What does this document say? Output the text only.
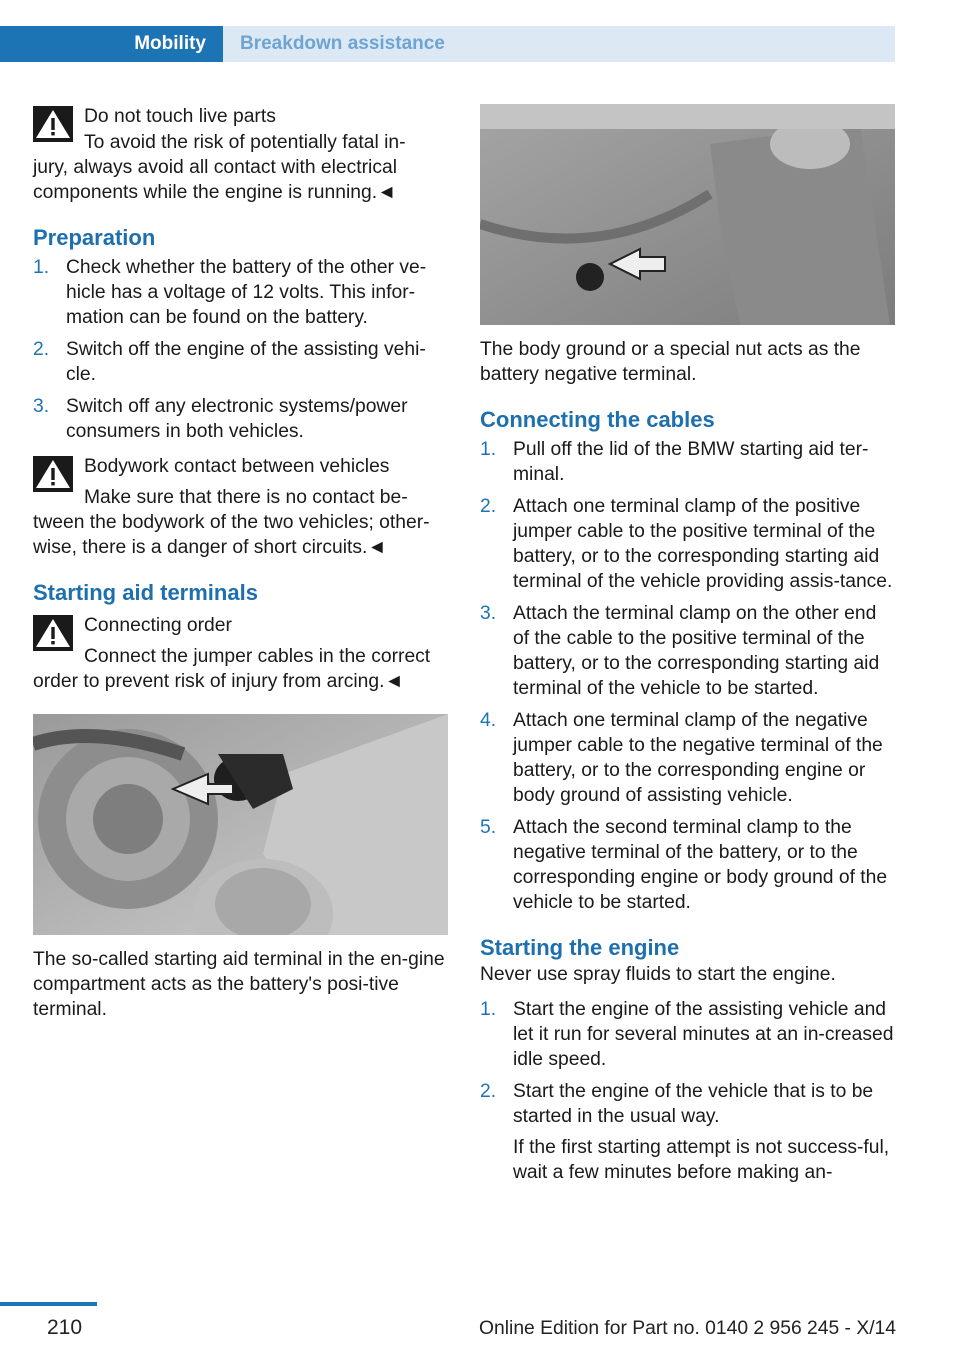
Mobility	Breakdown assistance

Do not touch live parts

To avoid the risk of potentially fatal in-

jury, always avoid all contact with electrical components while the engine is running.◄

Preparation

1. Check whether the battery of the other ve-hicle has a voltage of 12 volts. This infor-mation can be found on the battery.
2. Switch off the engine of the assisting vehi-cle.
3. Switch off any electronic systems/power consumers in both vehicles.

Bodywork contact between vehicles

Make sure that there is no contact be-

tween the bodywork of the two vehicles; other-wise, there is a danger of short circuits.◄

Starting aid terminals

Connecting order

Connect the jumper cables in the correct

order to prevent risk of injury from arcing.◄

The so-called starting aid terminal in the en-gine compartment acts as the battery's posi-tive terminal.

The body ground or a special nut acts as the battery negative terminal.

Connecting the cables

1. Pull off the lid of the BMW starting aid ter-minal.
2. Attach one terminal clamp of the positive jumper cable to the positive terminal of the battery, or to the corresponding starting aid terminal of the vehicle providing assis-tance.
3. Attach the terminal clamp on the other end of the cable to the positive terminal of the battery, or to the corresponding starting aid terminal of the vehicle to be started.
4. Attach one terminal clamp of the negative jumper cable to the negative terminal of the battery, or to the corresponding engine or body ground of assisting vehicle.
5. Attach the second terminal clamp to the negative terminal of the battery, or to the corresponding engine or body ground of the vehicle to be started.

Starting the engine

Never use spray fluids to start the engine.

1. Start the engine of the assisting vehicle and let it run for several minutes at an in-creased idle speed.
2. Start the engine of the vehicle that is to be started in the usual way.
If the first starting attempt is not success-ful, wait a few minutes before making an-
210	Online Edition for Part no. 0140 2 956 245 - X/14
